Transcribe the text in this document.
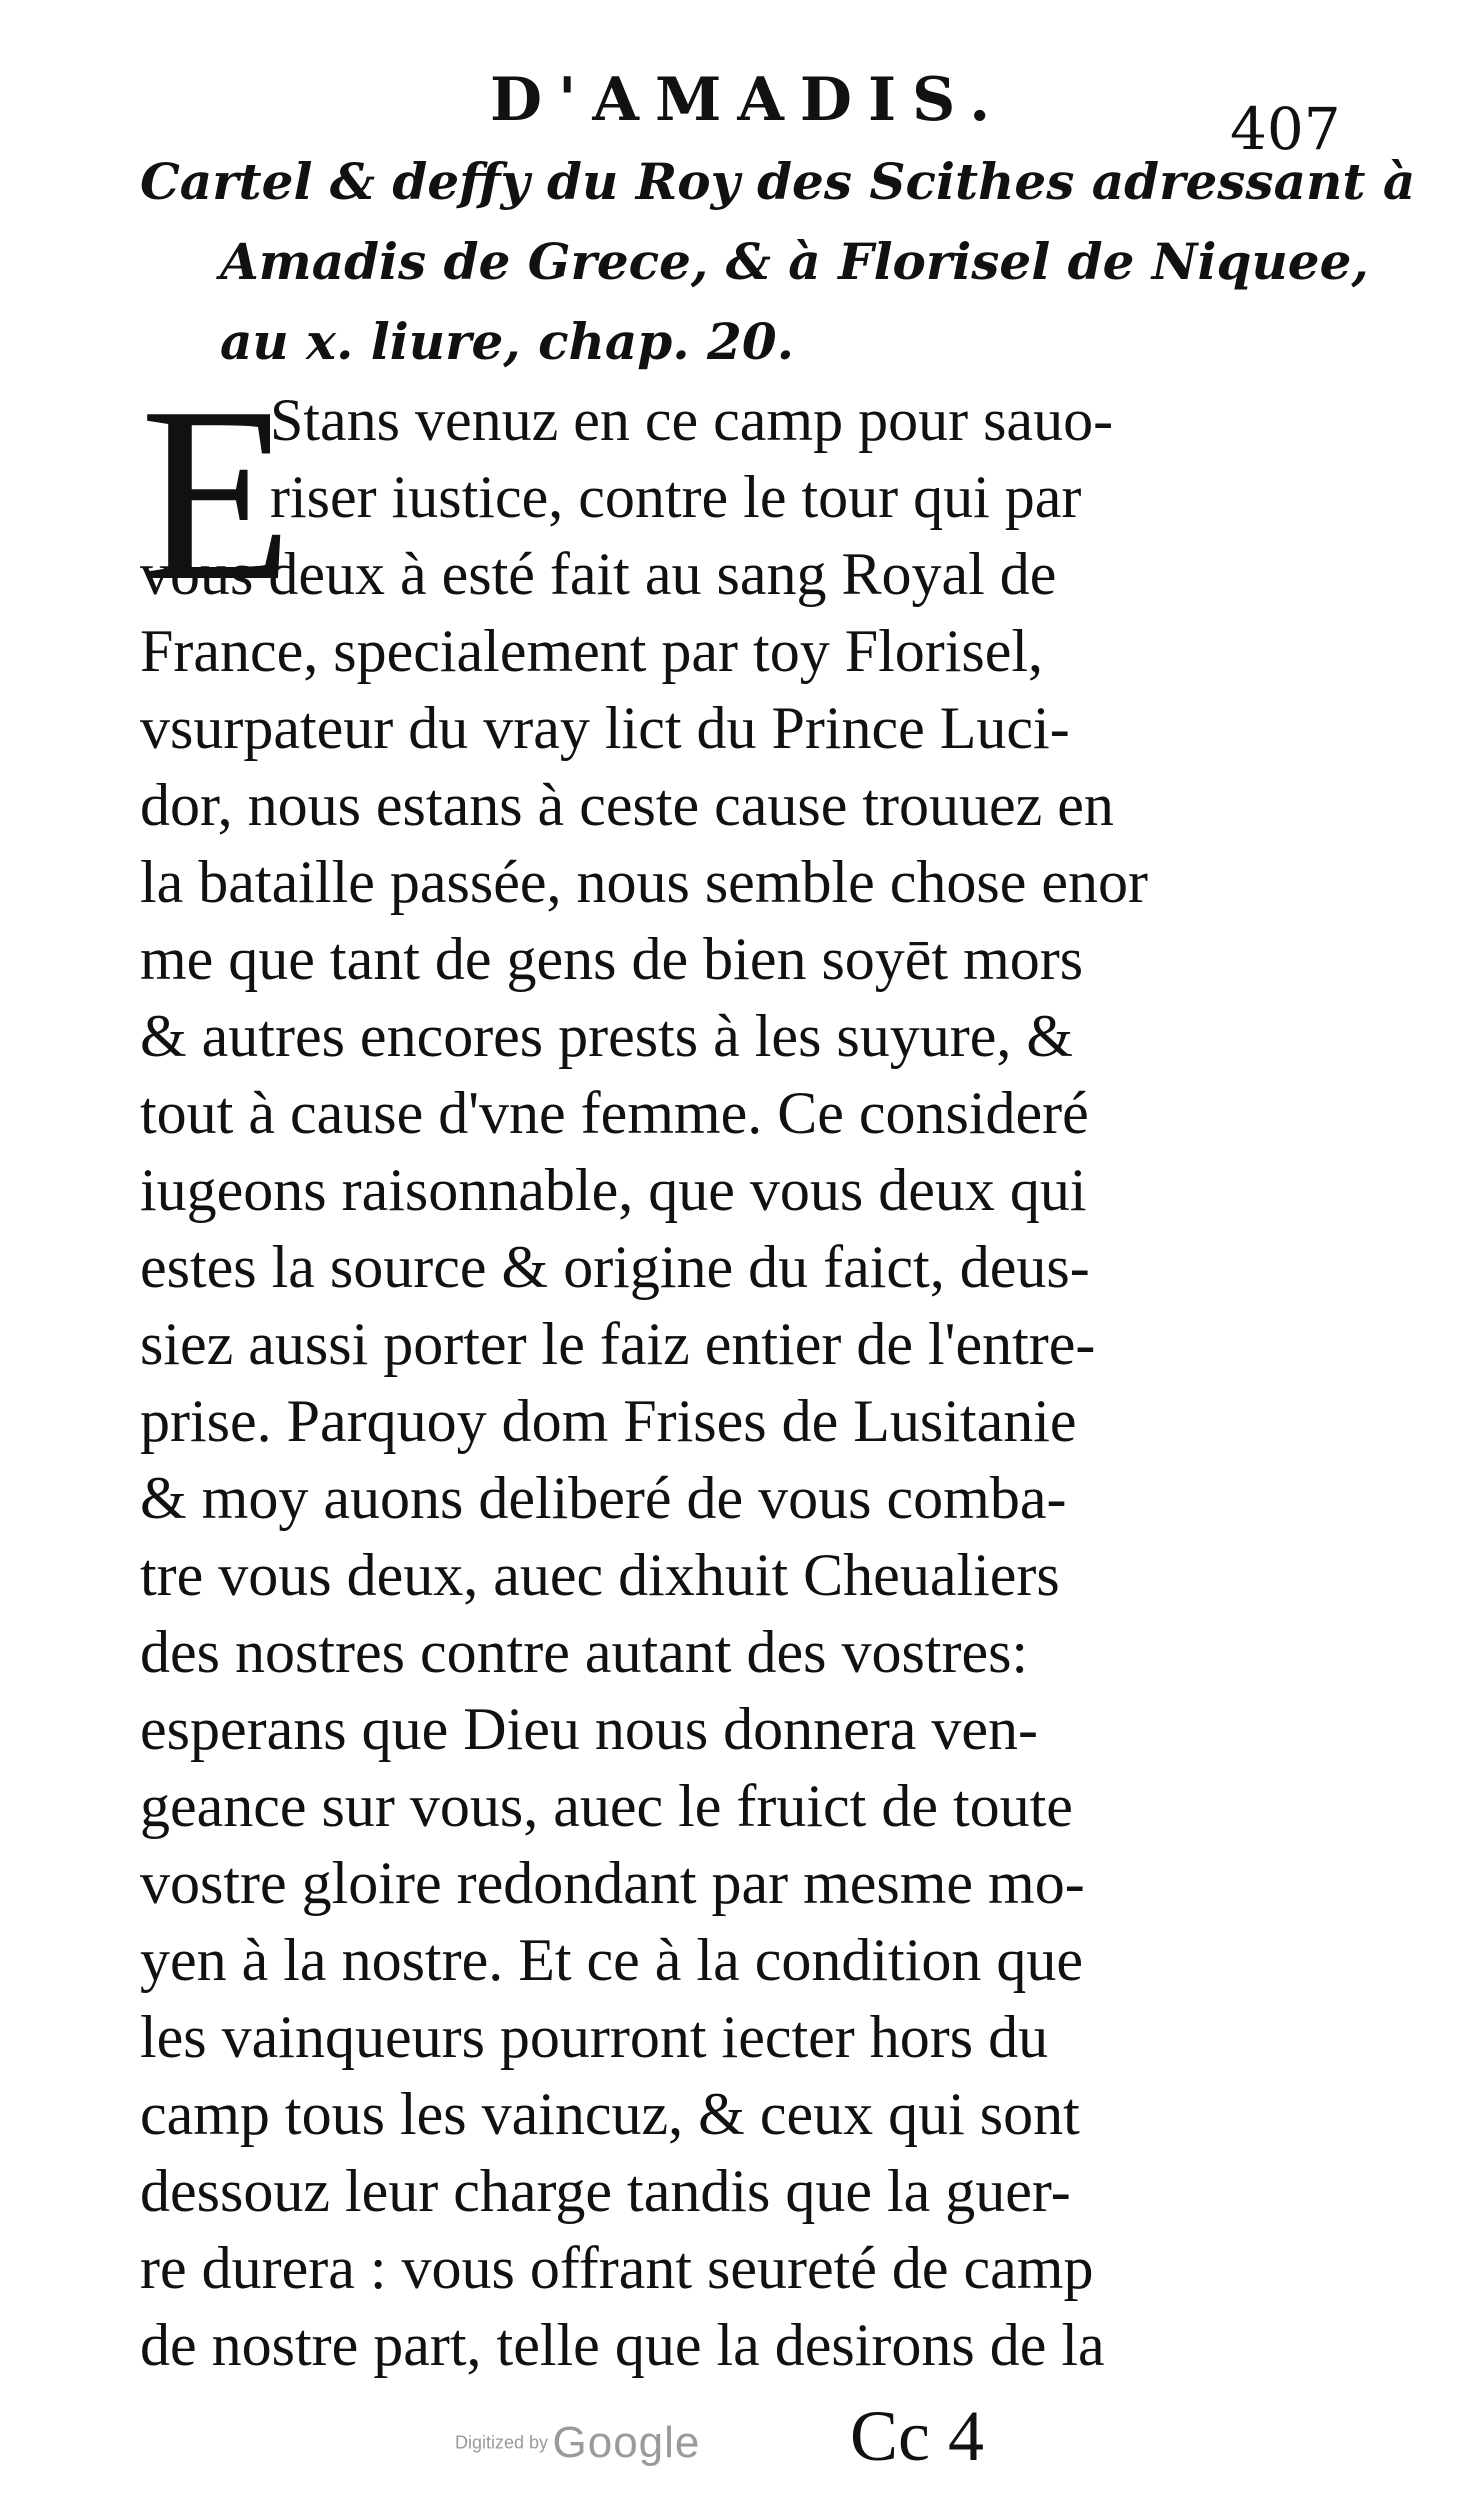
D'AMADIS.	407
Cartel & deffy du Roy des Scithes adressant à
Amadis de Grece, & à Florisel de Niquee,
au x. liure, chap. 20.
E
Stans venuz en ce camp pour sauo-
riser iustice, contre le tour qui par
vous deux à esté fait au sang Royal de
France, specialement par toy Florisel,
vsurpateur du vray lict du Prince Luci-
dor, nous estans à ceste cause trouuez en
la bataille passée, nous semble chose enor
me que tant de gens de bien soyēt mors
& autres encores prests à les suyure, &
tout à cause d'vne femme. Ce consideré
iugeons raisonnable, que vous deux qui
estes la source & origine du faict, deus-
siez aussi porter le faiz entier de l'entre-
prise. Parquoy dom Frises de Lusitanie
& moy auons deliberé de vous comba-
tre vous deux, auec dixhuit Cheualiers
des nostres contre autant des vostres:
esperans que Dieu nous donnera ven-
geance sur vous, auec le fruict de toute
vostre gloire redondant par mesme mo-
yen à la nostre. Et ce à la condition que
les vainqueurs pourront iecter hors du
camp tous les vaincuz, & ceux qui sont
dessouz leur charge tandis que la guer-
re durera : vous offrant seureté de camp
de nostre part, telle que la desirons de la
Digitized by Google Cc 4
